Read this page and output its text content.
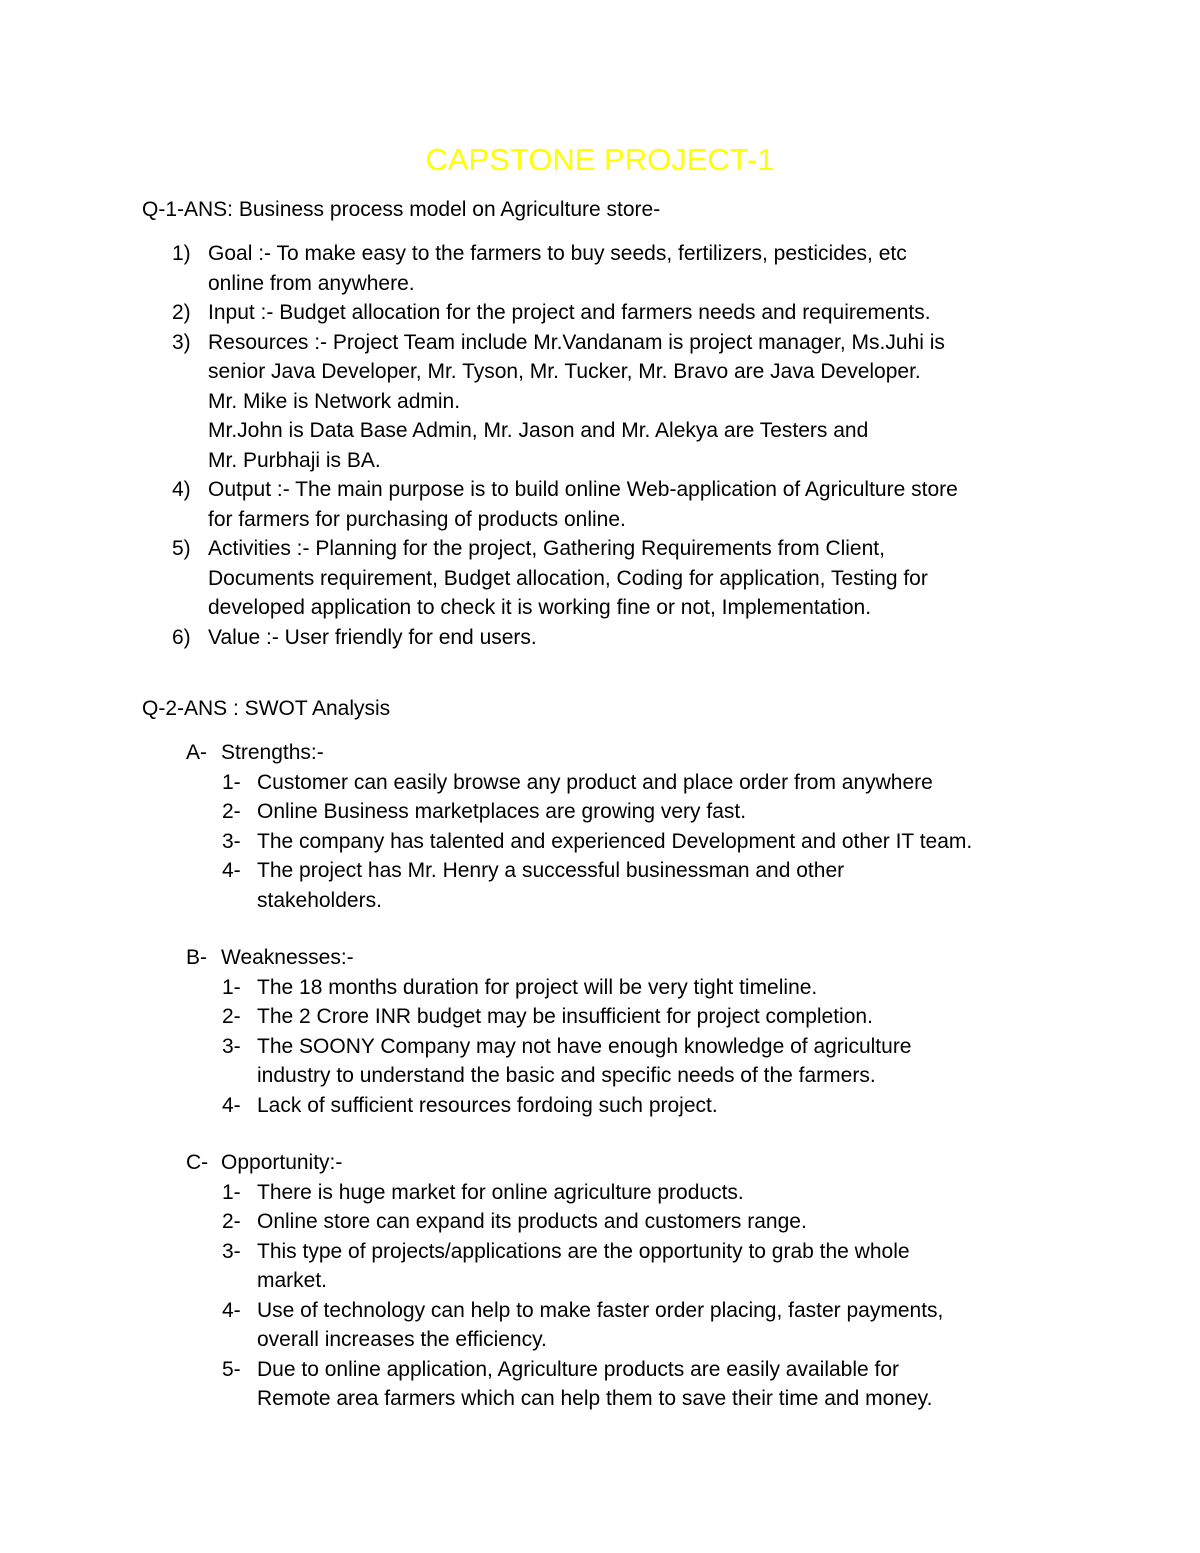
CAPSTONE PROJECT-1
Q-1-ANS: Business process model on Agriculture store-
1) Goal :- To make easy to the farmers to buy seeds, fertilizers, pesticides, etc
online from anywhere.
2) Input :- Budget allocation for the project and farmers needs and requirements.
3) Resources :- Project Team include Mr.Vandanam is project manager, Ms.Juhi is
senior Java Developer, Mr. Tyson, Mr. Tucker, Mr. Bravo are Java Developer.
Mr. Mike is Network admin.
Mr.John is Data Base Admin, Mr. Jason and Mr. Alekya are Testers and
Mr. Purbhaji is BA.
4) Output :- The main purpose is to build online Web-application of Agriculture store
for farmers for purchasing of products online.
5) Activities :- Planning for the project, Gathering Requirements from Client,
Documents requirement, Budget allocation, Coding for application, Testing for
developed application to check it is working fine or not, Implementation.
6) Value :- User friendly for end users.
Q-2-ANS : SWOT Analysis
A- Strengths:-
1- Customer can easily browse any product and place order from anywhere
2- Online Business marketplaces are growing very fast.
3- The company has talented and experienced Development and other IT team.
4- The project has Mr. Henry a successful businessman and other
stakeholders.
B- Weaknesses:-
1- The 18 months duration for project will be very tight timeline.
2- The 2 Crore INR budget may be insufficient for project completion.
3- The SOONY Company may not have enough knowledge of agriculture
industry to understand the basic and specific needs of the farmers.
4- Lack of sufficient resources fordoing such project.
C- Opportunity:-
1- There is huge market for online agriculture products.
2- Online store can expand its products and customers range.
3- This type of projects/applications are the opportunity to grab the whole
market.
4- Use of technology can help to make faster order placing, faster payments,
overall increases the efficiency.
5- Due to online application, Agriculture products are easily available for
Remote area farmers which can help them to save their time and money.
